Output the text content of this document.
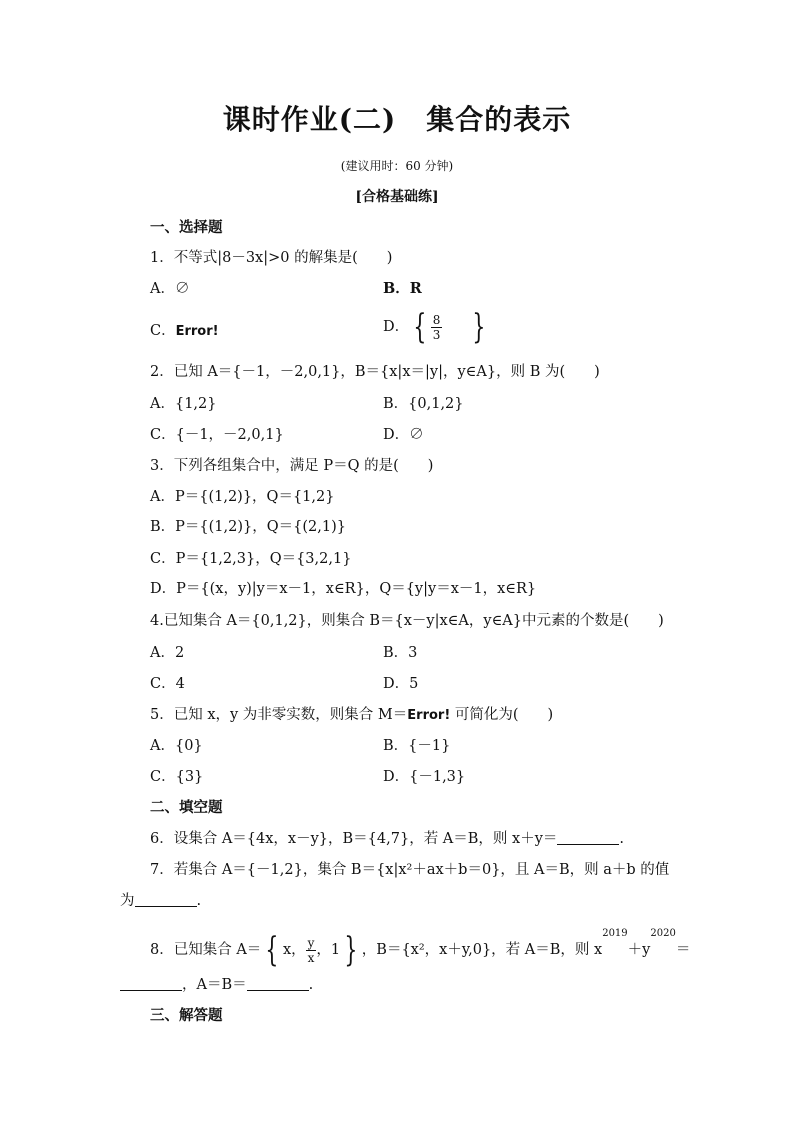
课时作业(二) 集合的表示
(建议用时：60 分钟)
[合格基础练]
一、选择题
1．不等式|8－3x|>0 的解集是(　　)
A．∅	B．R
C．Error!	D． { $\frac{8}{3}$ }
2．已知 A＝{－1，－2,0,1}，B＝{x|x＝|y|，y∈A}，则 B 为(　　)
A．{1,2}	B．{0,1,2}
C．{－1，－2,0,1}	D．∅
3．下列各组集合中，满足 P＝Q 的是(　　)
A．P＝{(1,2)}，Q＝{1,2}
B．P＝{(1,2)}，Q＝{(2,1)}
C．P＝{1,2,3}，Q＝{3,2,1}
D．P＝{(x，y)|y＝x－1，x∈R}，Q＝{y|y＝x－1，x∈R}
4.已知集合 A＝{0,1,2}，则集合 B＝{x－y|x∈A，y∈A}中元素的个数是(　　)
A．2	B．3
C．4	D．5
5．已知 x，y 为非零实数，则集合 M＝Error! 可简化为(　　)
A．{0}	B．{－1}
C．{3}	D．{－1,3}
二、填空题
6．设集合 A＝{4x，x－y}，B＝{4,7}，若 A＝B，则 x＋y＝	.
7．若集合 A＝{－1,2}，集合 B＝{x|x²＋ax＋b＝0}，且 A＝B，则 a＋b 的值
为	.
8．已知集合 A＝ { x， $\frac{y}{x}$ ，1 } ，B＝{x²，x＋y,0}，若 A＝B，则 $x^{2019}+y^{2020}=$
，A＝B＝	.
三、解答题
